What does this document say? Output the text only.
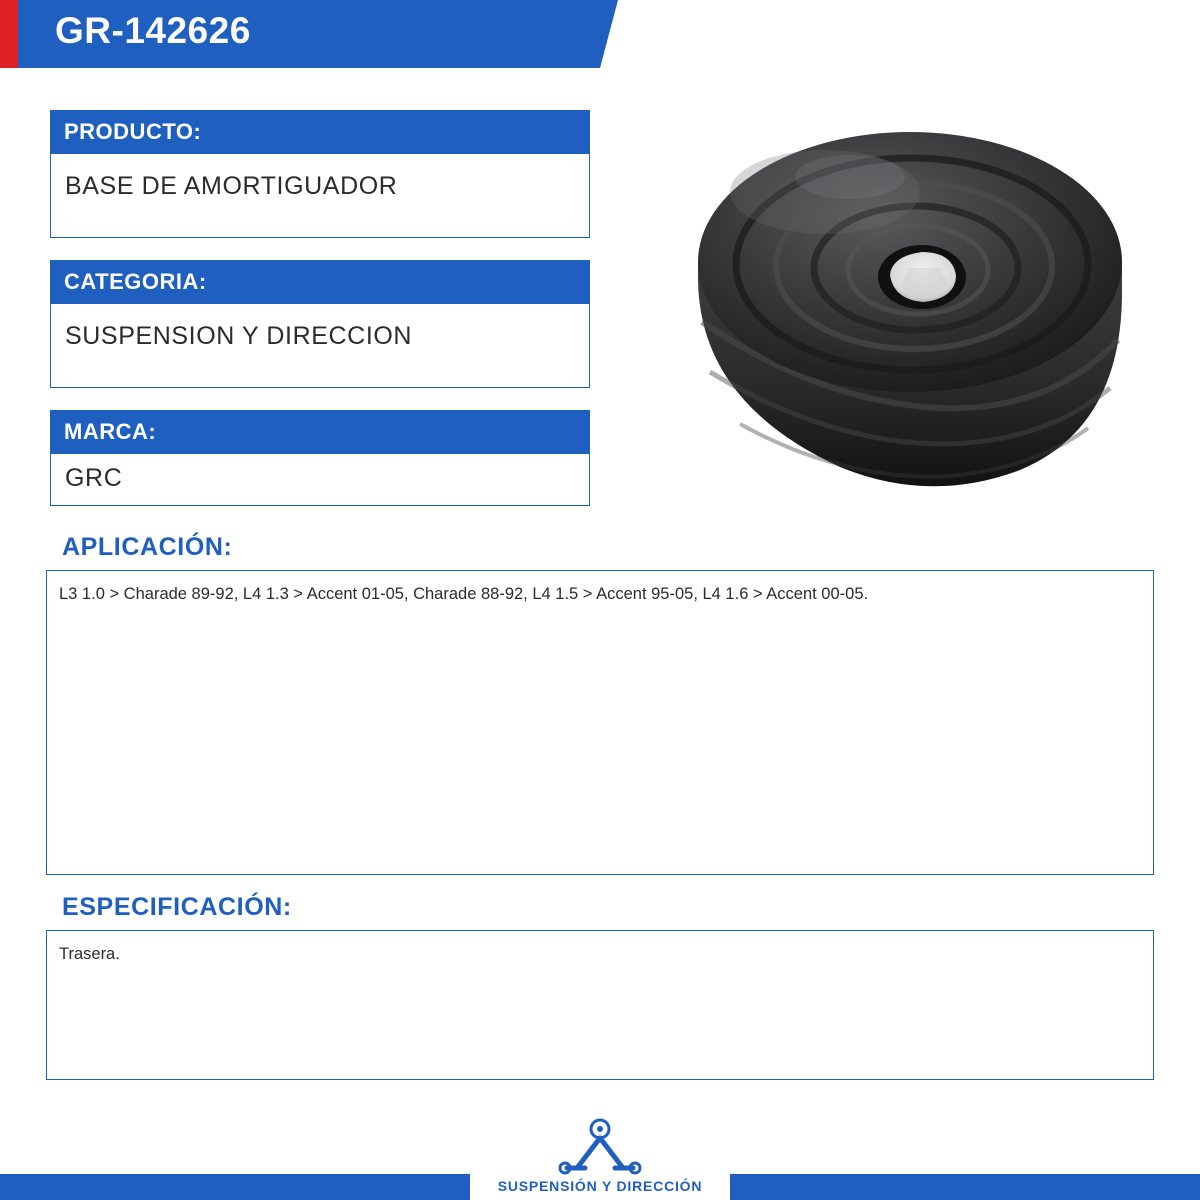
GR-142626
PRODUCTO:
BASE DE AMORTIGUADOR
CATEGORIA:
SUSPENSION Y DIRECCION
MARCA:
GRC
APLICACIÓN:
L3 1.0 > Charade 89-92, L4 1.3 > Accent 01-05, Charade 88-92, L4 1.5 > Accent 95-05, L4 1.6 > Accent 00-05.
ESPECIFICACIÓN:
Trasera.
SUSPENSIÓN Y DIRECCIÓN
